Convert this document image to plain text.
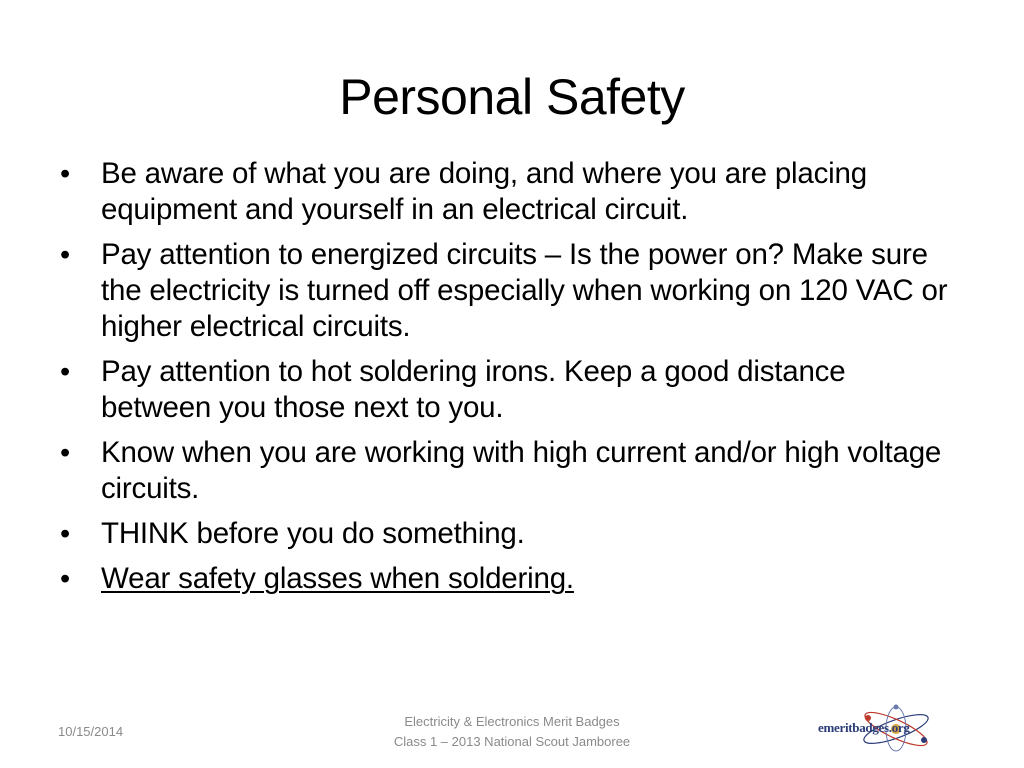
Personal Safety
• Be aware of what you are doing, and where you are placing equipment and yourself in an electrical circuit.
• Pay attention to energized circuits – Is the power on? Make sure the electricity is turned off especially when working on 120 VAC or higher electrical circuits.
• Pay attention to hot soldering irons. Keep a good distance between you those next to you.
• Know when you are working with high current and/or high voltage circuits.
• THINK before you do something.
• Wear safety glasses when soldering.
10/15/2014
Electricity & Electronics Merit Badges
Class 1 – 2013 National Scout Jamboree
emeritbadges.org
